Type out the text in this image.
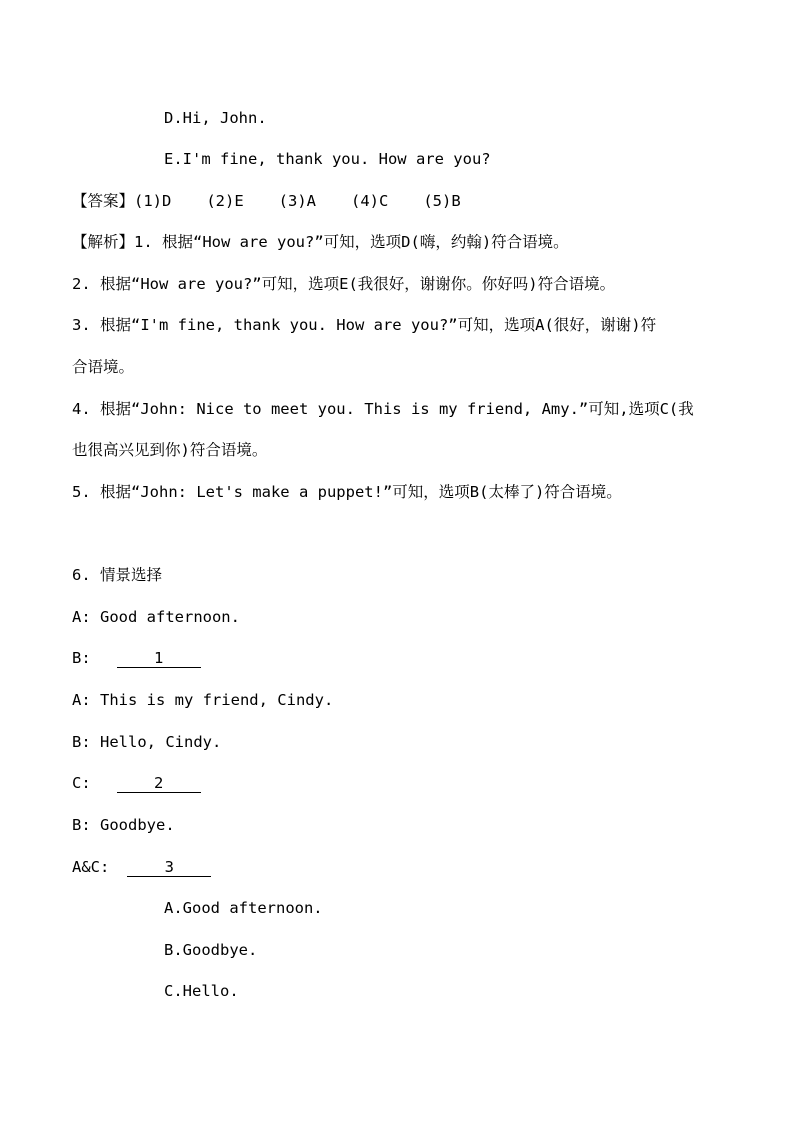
D.Hi, John.
E.I'm fine, thank you. How are you?
【答案】(1)D (2)E (3)A (4)C (5)B
【解析】1. 根据“How are you?”可知，选项D(嗨，约翰)符合语境。
2. 根据“How are you?”可知，选项E(我很好，谢谢你。你好吗)符合语境。
3. 根据“I'm fine, thank you. How are you?”可知，选项A(很好，谢谢)符
合语境。
4. 根据“John: Nice to meet you. This is my friend, Amy.”可知,选项C(我
也很高兴见到你)符合语境。
5. 根据“John: Let's make a puppet!”可知，选项B(太棒了)符合语境。
6. 情景选择
A: Good afternoon.
B:	1
A: This is my friend, Cindy.
B: Hello, Cindy.
C:	2
B: Goodbye.
A&C:	3
A.Good afternoon.
B.Goodbye.
C.Hello.
